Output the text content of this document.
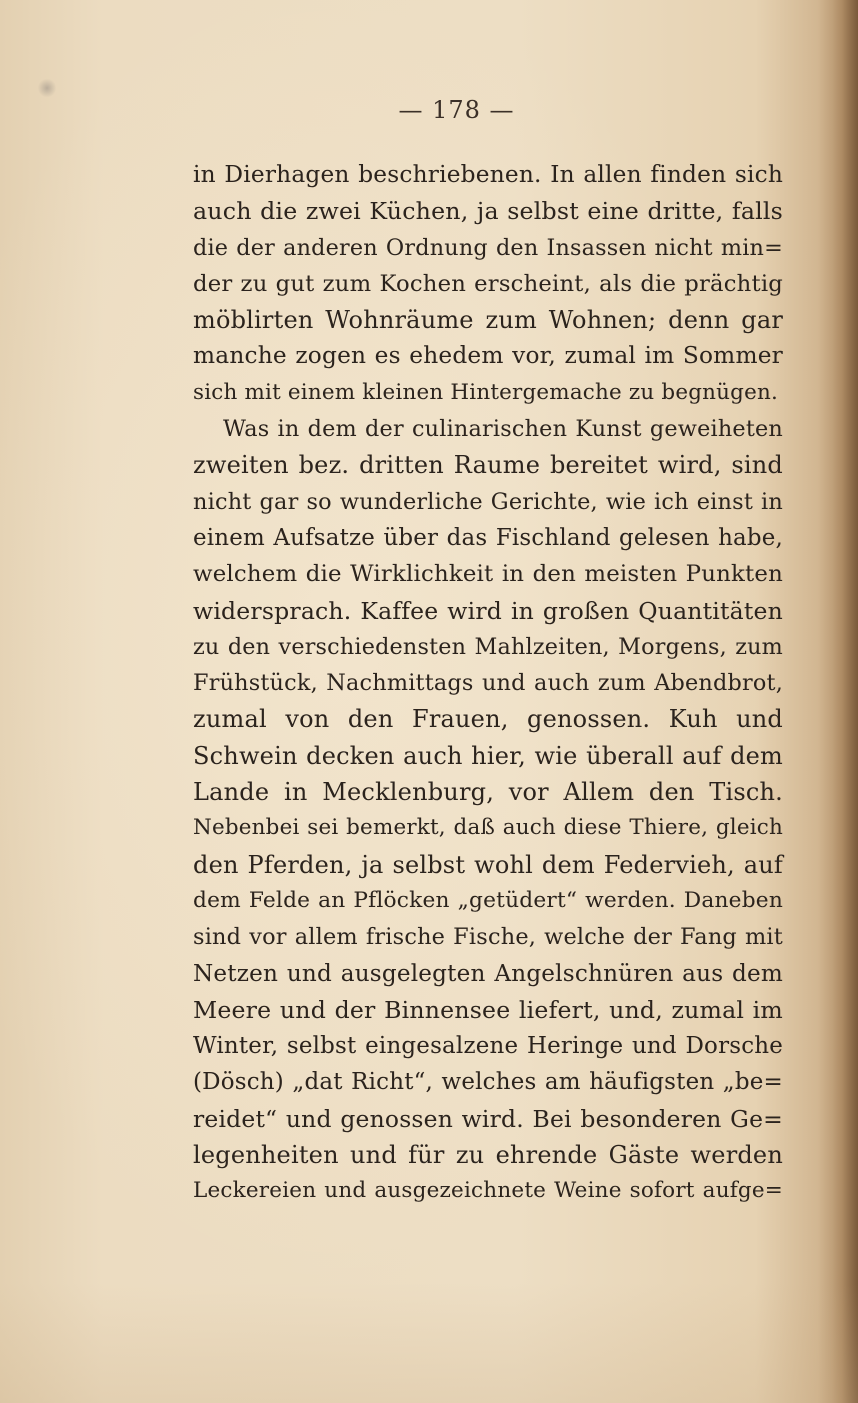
— 178 —
in Dierhagen beschriebenen. In allen finden sich
auch die zwei Küchen, ja selbst eine dritte, falls
die der anderen Ordnung den Insassen nicht min=
der zu gut zum Kochen erscheint, als die prächtig
möblirten Wohnräume zum Wohnen; denn gar
manche zogen es ehedem vor, zumal im Sommer
sich mit einem kleinen Hintergemache zu begnügen.
Was in dem der culinarischen Kunst geweiheten
zweiten bez. dritten Raume bereitet wird, sind
nicht gar so wunderliche Gerichte, wie ich einst in
einem Aufsatze über das Fischland gelesen habe,
welchem die Wirklichkeit in den meisten Punkten
widersprach. Kaffee wird in großen Quantitäten
zu den verschiedensten Mahlzeiten, Morgens, zum
Frühstück, Nachmittags und auch zum Abendbrot,
zumal von den Frauen, genossen. Kuh und
Schwein decken auch hier, wie überall auf dem
Lande in Mecklenburg, vor Allem den Tisch.
Nebenbei sei bemerkt, daß auch diese Thiere, gleich
den Pferden, ja selbst wohl dem Federvieh, auf
dem Felde an Pflöcken „getüdert“ werden. Daneben
sind vor allem frische Fische, welche der Fang mit
Netzen und ausgelegten Angelschnüren aus dem
Meere und der Binnensee liefert, und, zumal im
Winter, selbst eingesalzene Heringe und Dorsche
(Dösch) „dat Richt“, welches am häufigsten „be=
reidet“ und genossen wird. Bei besonderen Ge=
legenheiten und für zu ehrende Gäste werden
Leckereien und ausgezeichnete Weine sofort aufge=
